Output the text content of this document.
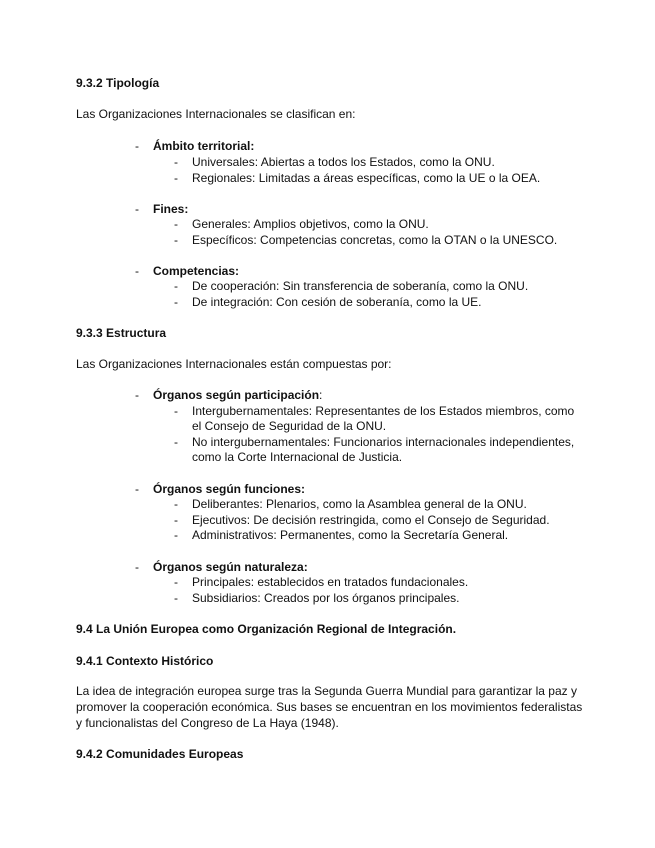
9.3.2 Tipología
Las Organizaciones Internacionales se clasifican en:
- Ámbito territorial:
- Universales: Abiertas a todos los Estados, como la ONU.
- Regionales: Limitadas a áreas específicas, como la UE o la OEA.
- Fines:
- Generales: Amplios objetivos, como la ONU.
- Específicos: Competencias concretas, como la OTAN o la UNESCO.
- Competencias:
- De cooperación: Sin transferencia de soberanía, como la ONU.
- De integración: Con cesión de soberanía, como la UE.
9.3.3 Estructura
Las Organizaciones Internacionales están compuestas por:
- Órganos según participación:
- Intergubernamentales: Representantes de los Estados miembros, como
el Consejo de Seguridad de la ONU.
- No intergubernamentales: Funcionarios internacionales independientes,
como la Corte Internacional de Justicia.
- Órganos según funciones:
- Deliberantes: Plenarios, como la Asamblea general de la ONU.
- Ejecutivos: De decisión restringida, como el Consejo de Seguridad.
- Administrativos: Permanentes, como la Secretaría General.
- Órganos según naturaleza:
- Principales: establecidos en tratados fundacionales.
- Subsidiarios: Creados por los órganos principales.
9.4 La Unión Europea como Organización Regional de Integración.
9.4.1 Contexto Histórico
La idea de integración europea surge tras la Segunda Guerra Mundial para garantizar la paz y
promover la cooperación económica. Sus bases se encuentran en los movimientos federalistas
y funcionalistas del Congreso de La Haya (1948).
9.4.2 Comunidades Europeas
